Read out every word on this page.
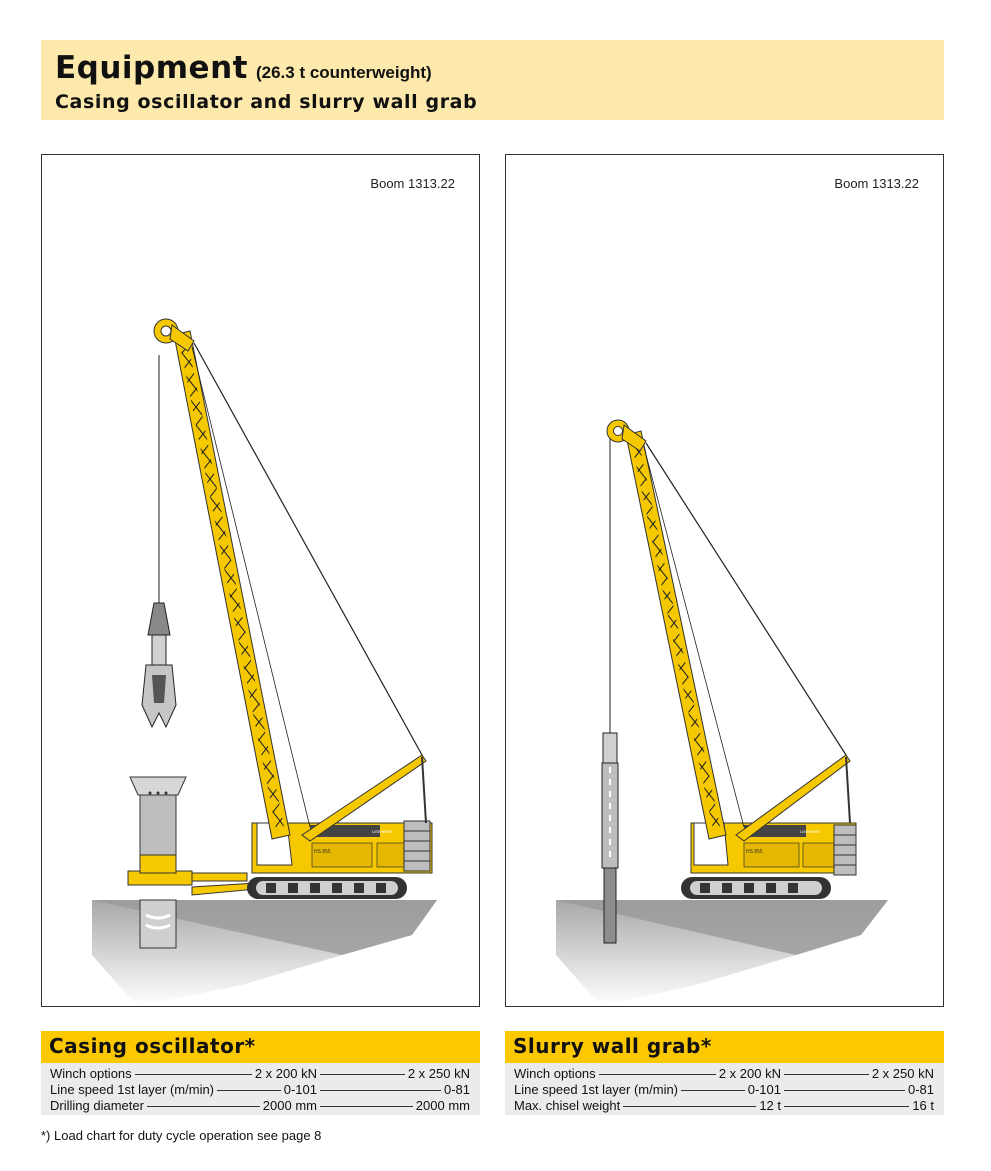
Equipment (26.3 t counterweight)
Casing oscillator and slurry wall grab
Boom 1313.22
HS 855
LIEBHERR
Boom 1313.22
HS 855
LIEBHERR
Casing oscillator*
Winch options	2 x 200 kN	2 x 250 kN
Line speed 1st layer (m/min)	0-101	0-81
Drilling diameter	2000 mm	2000 mm
Slurry wall grab*
Winch options	2 x 200 kN	2 x 250 kN
Line speed 1st layer (m/min)	0-101	0-81
Max. chisel weight	12 t	16 t
*) Load chart for duty cycle operation see page 8
